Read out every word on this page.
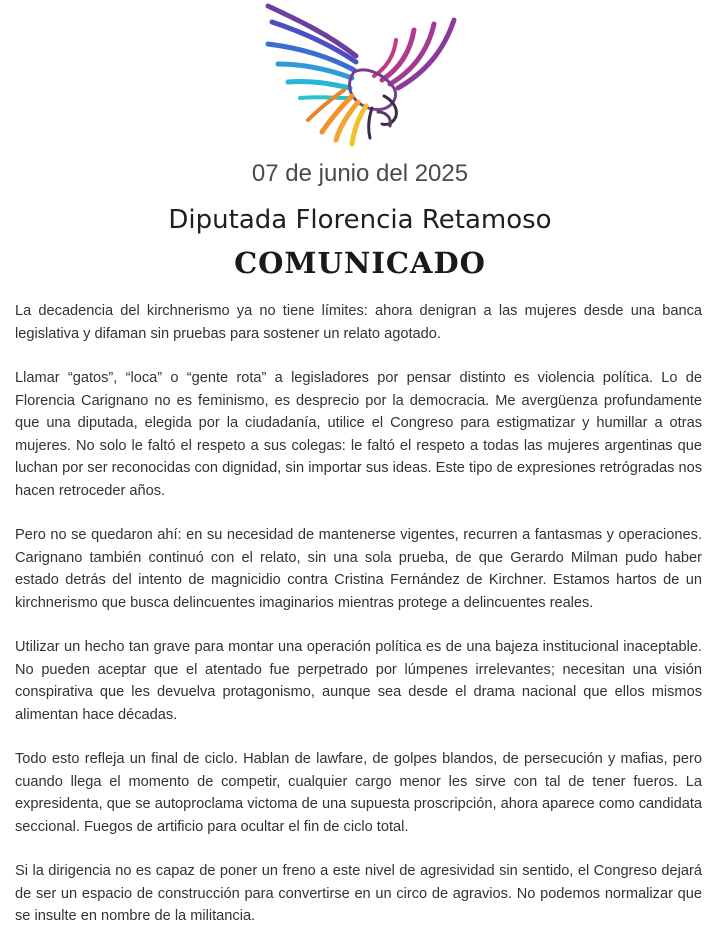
07 de junio del 2025
Diputada Florencia Retamoso
COMUNICADO

La decadencia del kirchnerismo ya no tiene límites: ahora denigran a las mujeres desde una banca legislativa y difaman sin pruebas para sostener un relato agotado.

Llamar “gatos”, “loca” o “gente rota” a legisladores por pensar distinto es violencia política. Lo de Florencia Carignano no es feminismo, es desprecio por la democracia. Me avergüenza profundamente que una diputada, elegida por la ciudadanía, utilice el Congreso para estigmatizar y humillar a otras mujeres. No solo le faltó el respeto a sus colegas: le faltó el respeto a todas las mujeres argentinas que luchan por ser reconocidas con dignidad, sin importar sus ideas. Este tipo de expresiones retrógradas nos hacen retroceder años.

Pero no se quedaron ahí: en su necesidad de mantenerse vigentes, recurren a fantasmas y operaciones. Carignano también continuó con el relato, sin una sola prueba, de que Gerardo Milman pudo haber estado detrás del intento de magnicidio contra Cristina Fernández de Kirchner. Estamos hartos de un kirchnerismo que busca delincuentes imaginarios mientras protege a delincuentes reales.

Utilizar un hecho tan grave para montar una operación política es de una bajeza institucional inaceptable. No pueden aceptar que el atentado fue perpetrado por lúmpenes irrelevantes; necesitan una visión conspirativa que les devuelva protagonismo, aunque sea desde el drama nacional que ellos mismos alimentan hace décadas.

Todo esto refleja un final de ciclo. Hablan de lawfare, de golpes blandos, de persecución y mafias, pero cuando llega el momento de competir, cualquier cargo menor les sirve con tal de tener fueros. La expresidenta, que se autoproclama victoma de una supuesta proscripción, ahora aparece como candidata seccional. Fuegos de artificio para ocultar el fin de ciclo total.

Si la dirigencia no es capaz de poner un freno a este nivel de agresividad sin sentido, el Congreso dejará de ser un espacio de construcción para convertirse en un circo de agravios. No podemos normalizar que se insulte en nombre de la militancia.
